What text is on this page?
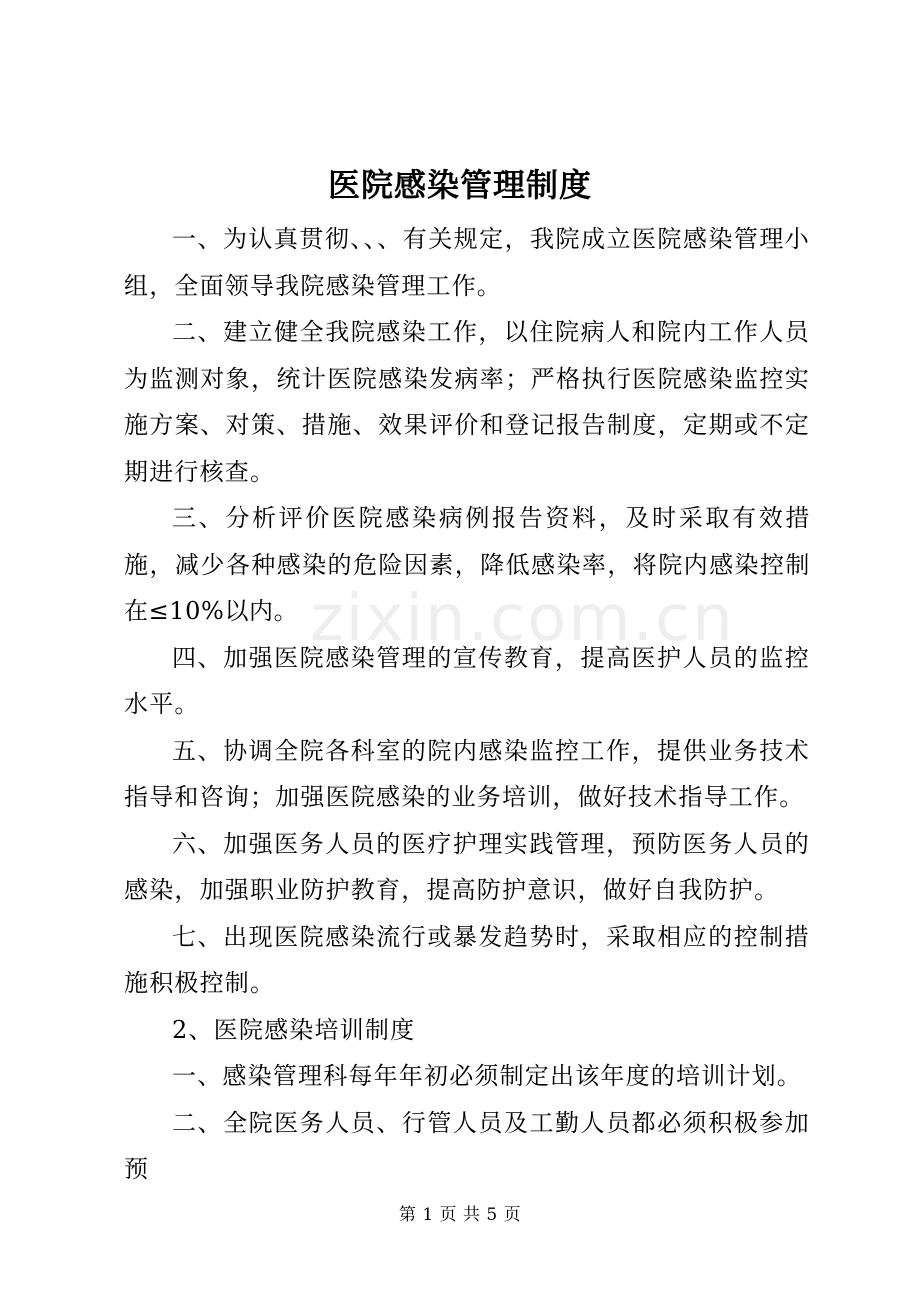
医院感染管理制度

一、为认真贯彻、、、有关规定，我院成立医院感染管理小组，全面领导我院感染管理工作。

二、建立健全我院感染工作，以住院病人和院内工作人员为监测对象，统计医院感染发病率；严格执行医院感染监控实施方案、对策、措施、效果评价和登记报告制度，定期或不定期进行核查。

三、分析评价医院感染病例报告资料，及时采取有效措施，减少各种感染的危险因素，降低感染率，将院内感染控制在≤10%以内。

四、加强医院感染管理的宣传教育，提高医护人员的监控水平。

五、协调全院各科室的院内感染监控工作，提供业务技术指导和咨询；加强医院感染的业务培训，做好技术指导工作。

六、加强医务人员的医疗护理实践管理，预防医务人员的感染，加强职业防护教育，提高防护意识，做好自我防护。

七、出现医院感染流行或暴发趋势时，采取相应的控制措施积极控制。

2、医院感染培训制度

一、感染管理科每年年初必须制定出该年度的培训计划。

二、全院医务人员、行管人员及工勤人员都必须积极参加预

zixin.com.cn
第 1 页 共 5 页
